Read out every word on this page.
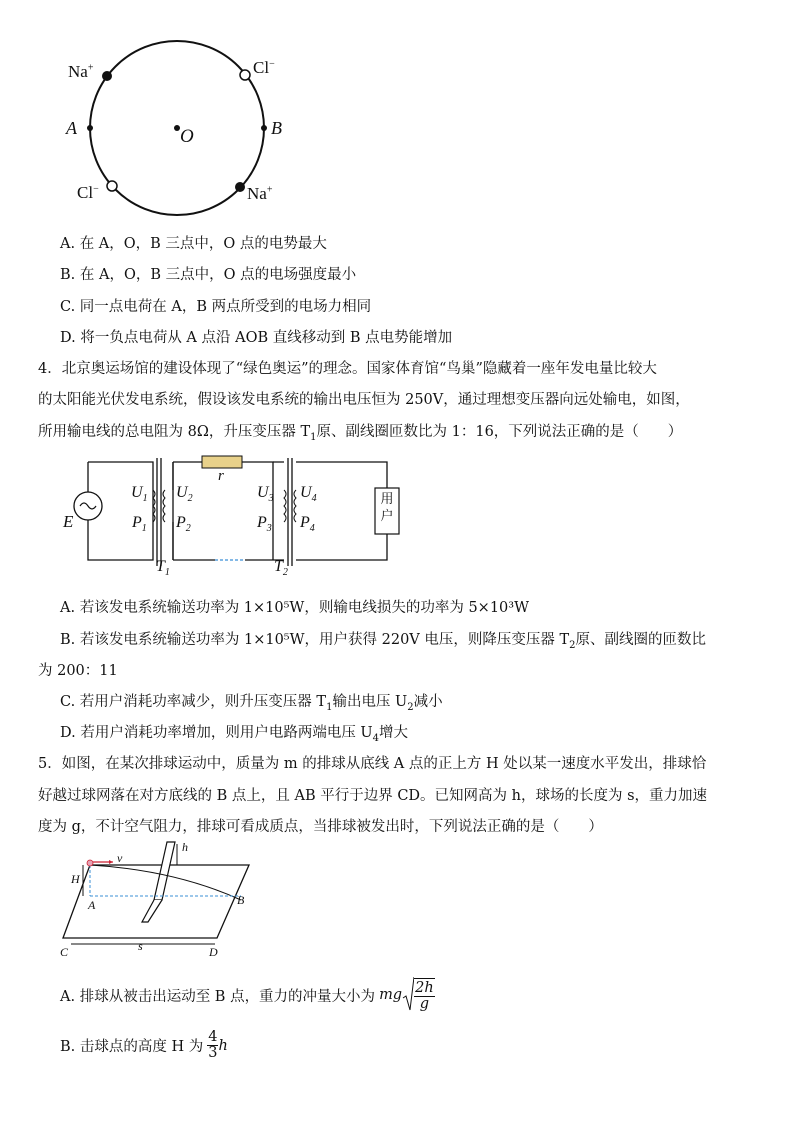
Na+	Cl−
A	O	B
Cl−	Na+
A. 在 A，O，B 三点中，O 点的电势最大
B. 在 A，O，B 三点中，O 点的电场强度最小
C. 同一点电荷在 A，B 两点所受到的电场力相同
D. 将一负点电荷从 A 点沿 AOB 直线移动到 B 点电势能增加
4．北京奥运场馆的建设体现了“绿色奥运”的理念。国家体育馆“鸟巢”隐藏着一座年发电量比较大
的太阳能光伏发电系统，假设该发电系统的输出电压恒为 250V，通过理想变压器向远处输电，如图，
所用输电线的总电阻为 8Ω，升压变压器 $T_1$原、副线圈匝数比为 1：16，下列说法正确的是（　　）
E
r
$U_1$ $U_2$	$U_3$ $U_4$
$P_1$ $P_2$	$P_3$ $P_4$
$T_1$	$T_2$
用
户
A. 若该发电系统输送功率为 1×10⁵W，则输电线损失的功率为 5×10³W
B. 若该发电系统输送功率为 1×10⁵W，用户获得 220V 电压，则降压变压器 $T_2$原、副线圈的匝数比
为 200：11
C. 若用户消耗功率减少，则升压变压器 $T_1$输出电压 $U_2$减小
D. 若用户消耗功率增加，则用户电路两端电压 $U_4$增大
5．如图，在某次排球运动中，质量为 m 的排球从底线 A 点的正上方 H 处以某一速度水平发出，排球恰
好越过球网落在对方底线的 B 点上，且 AB 平行于边界 CD。已知网高为 h，球场的长度为 s，重力加速
度为 g，不计空气阻力，排球可看成质点，当排球被发出时，下列说法正确的是（　　）
h
v
H
A	B
s
C	D
A. 排球从被击出运动至 B 点，重力的冲量大小为 mg $\frac{2h}{g}$
B. 击球点的高度 H 为 $\frac{4}{3}$ h
